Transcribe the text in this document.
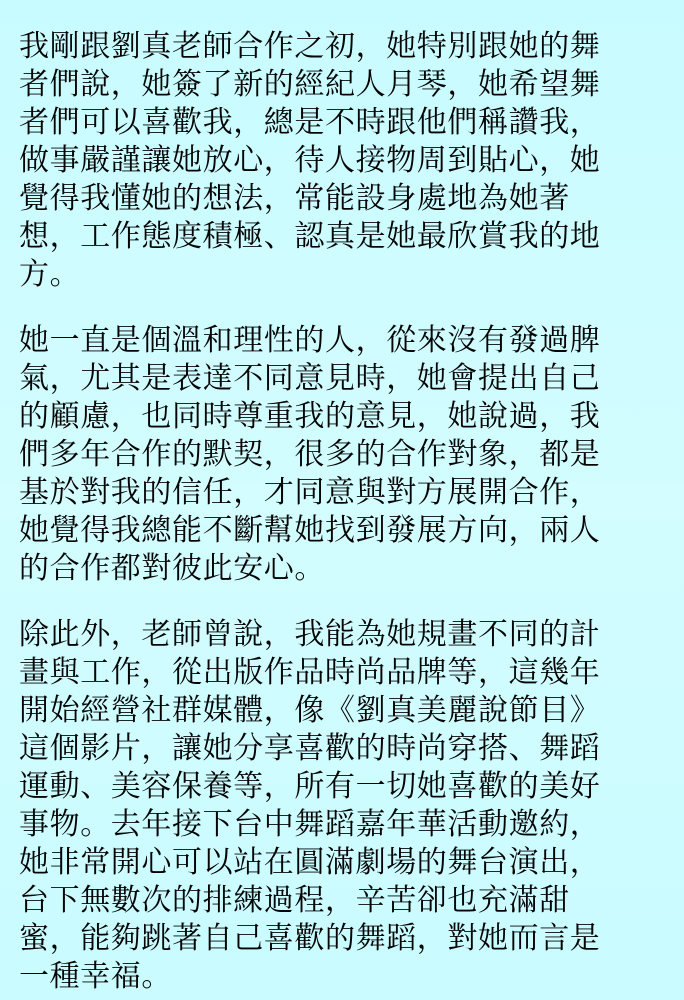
我剛跟劉真老師合作之初，她特別跟她的舞
者們說，她簽了新的經紀人月琴，她希望舞
者們可以喜歡我，總是不時跟他們稱讚我，
做事嚴謹讓她放心，待人接物周到貼心，她
覺得我懂她的想法，常能設身處地為她著
想，工作態度積極、認真是她最欣賞我的地
方。
她一直是個溫和理性的人，從來沒有發過脾
氣，尤其是表達不同意見時，她會提出自己
的顧慮，也同時尊重我的意見，她說過，我
們多年合作的默契，很多的合作對象，都是
基於對我的信任，才同意與對方展開合作，
她覺得我總能不斷幫她找到發展方向，兩人
的合作都對彼此安心。
除此外，老師曾說，我能為她規畫不同的計
畫與工作，從出版作品時尚品牌等，這幾年
開始經營社群媒體，像《劉真美麗說節目》
這個影片，讓她分享喜歡的時尚穿搭、舞蹈
運動、美容保養等，所有一切她喜歡的美好
事物。去年接下台中舞蹈嘉年華活動邀約，
她非常開心可以站在圓滿劇場的舞台演出，
台下無數次的排練過程，辛苦卻也充滿甜
蜜，能夠跳著自己喜歡的舞蹈，對她而言是
一種幸福。
